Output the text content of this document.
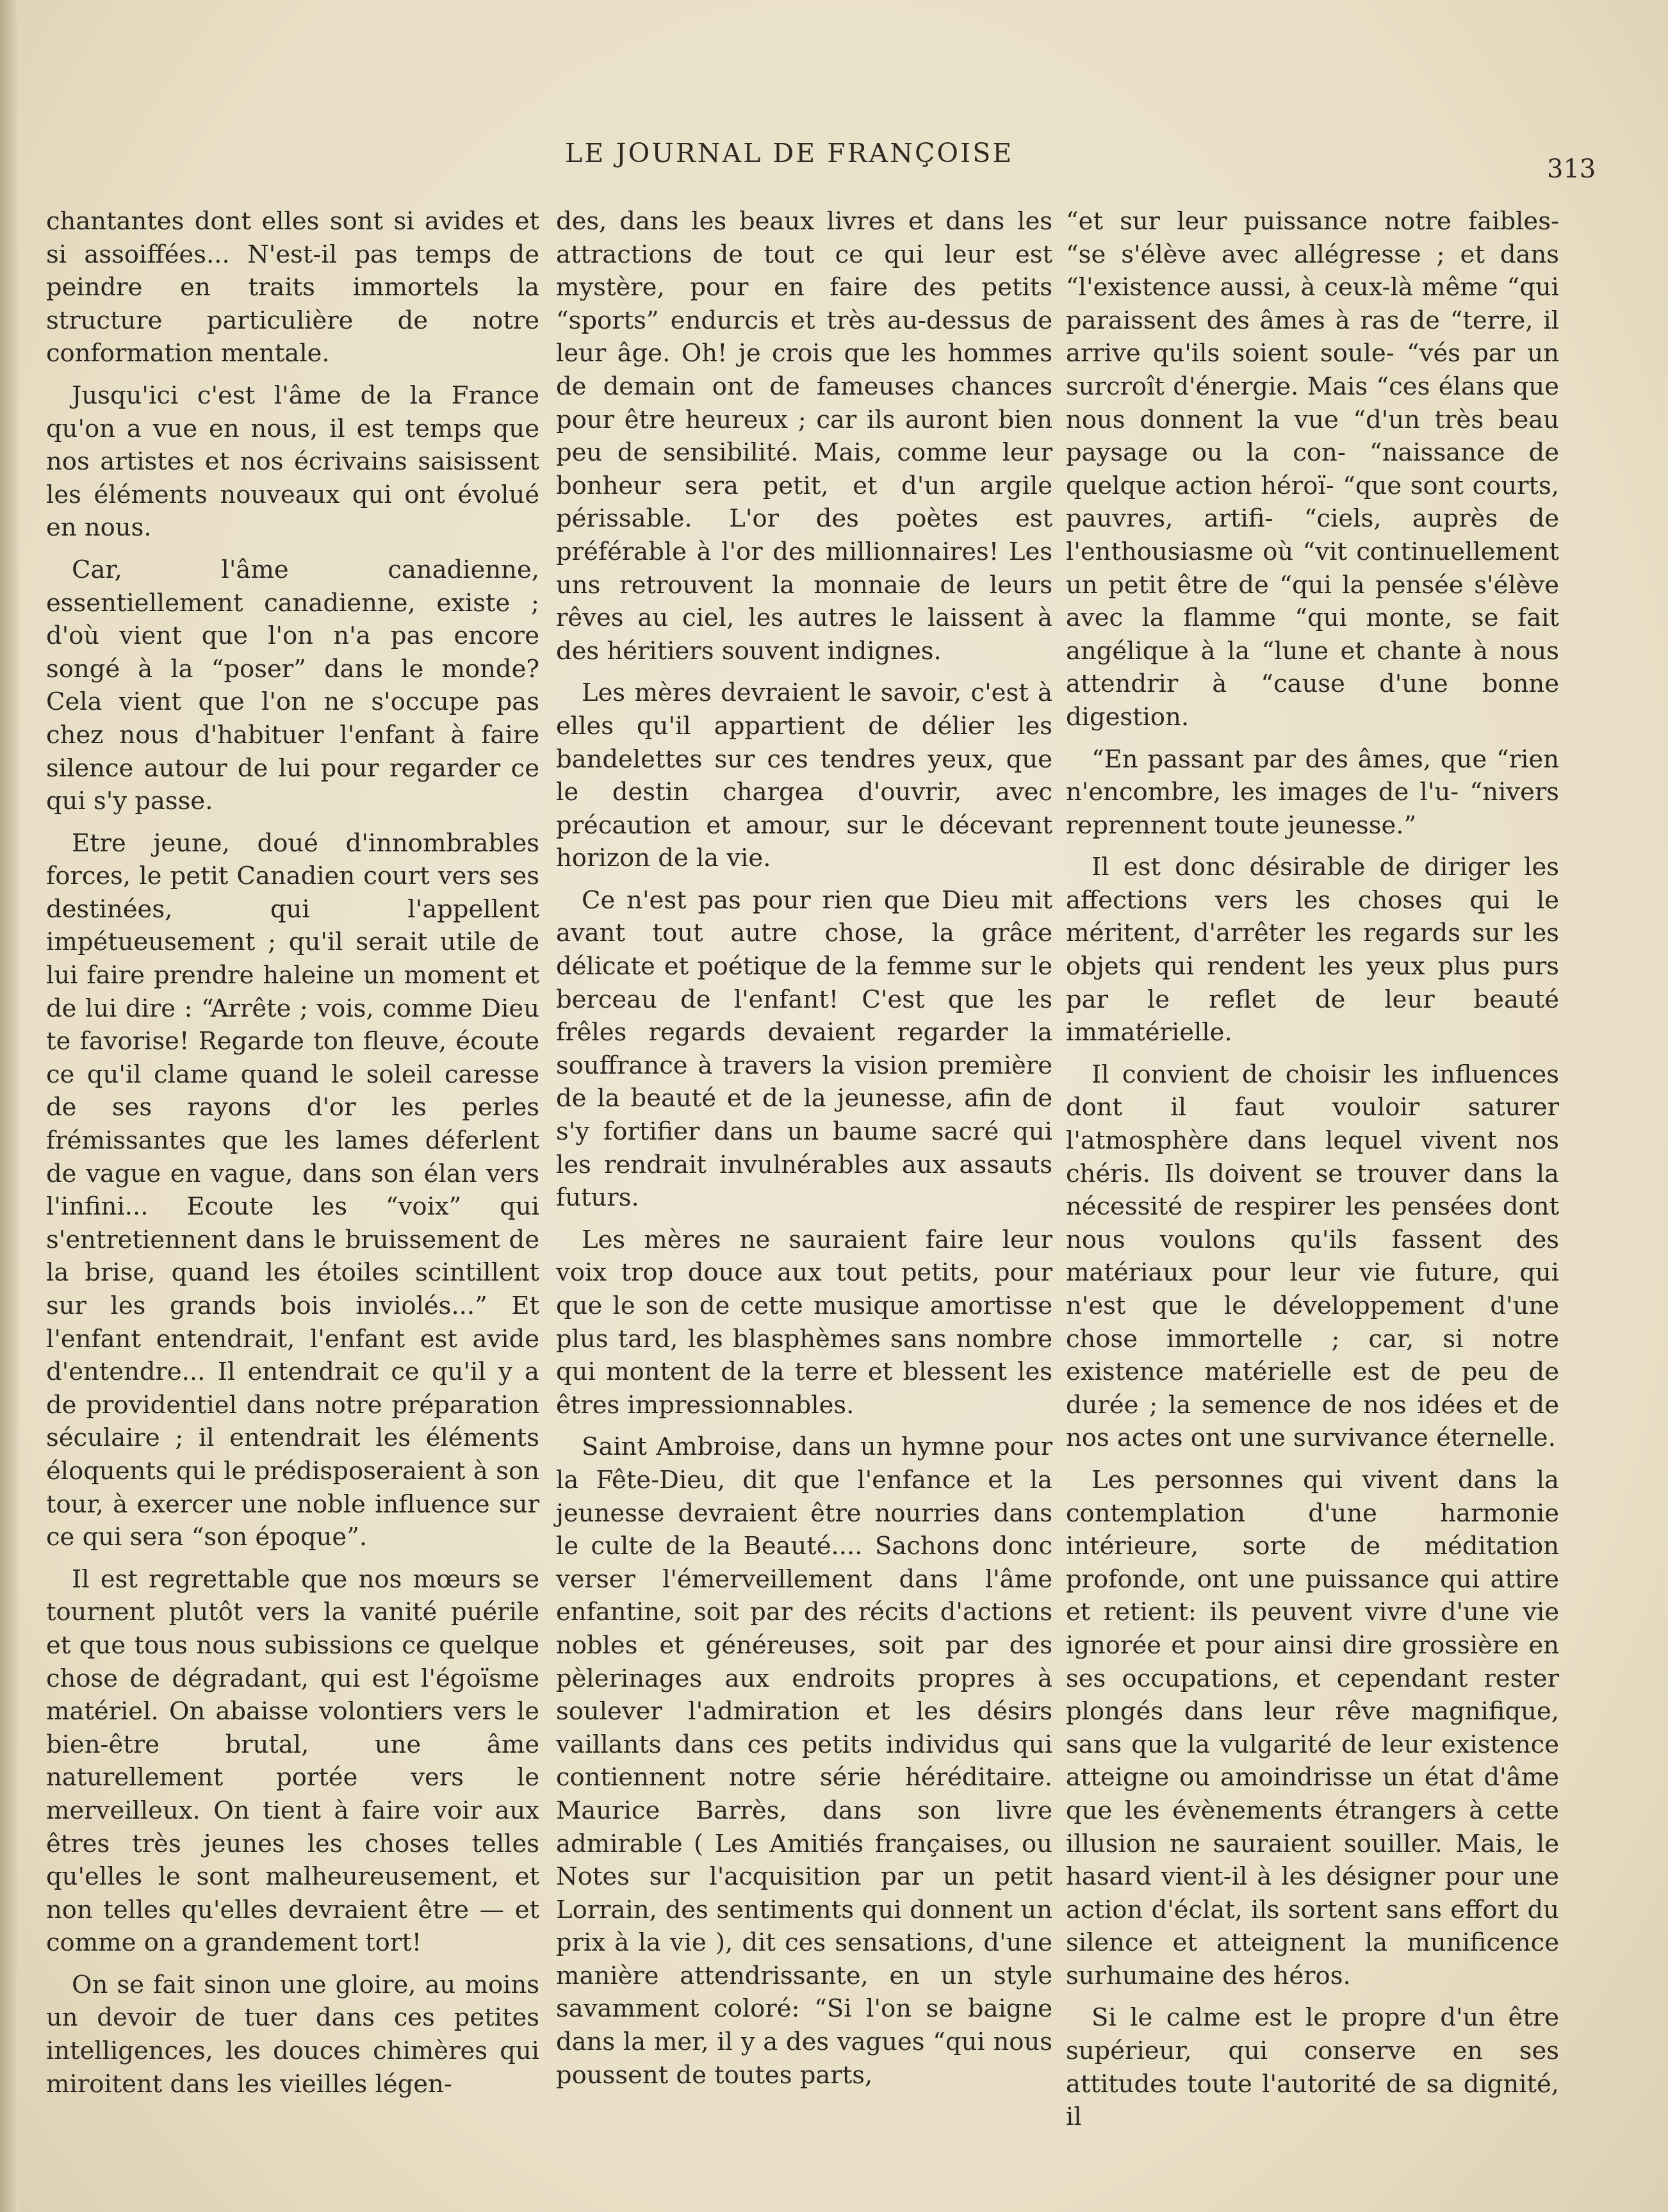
LE JOURNAL DE FRANÇOISE
313

chantantes dont elles sont si avides et si assoiffées... N'est-il pas temps de peindre en traits immortels la structure particulière de notre conformation mentale.

Jusqu'ici c'est l'âme de la France qu'on a vue en nous, il est temps que nos artistes et nos écrivains saisissent les éléments nouveaux qui ont évolué en nous.

Car, l'âme canadienne, essentiellement canadienne, existe ; d'où vient que l'on n'a pas encore songé à la “poser” dans le monde? Cela vient que l'on ne s'occupe pas chez nous d'habituer l'enfant à faire silence autour de lui pour regarder ce qui s'y passe.

Etre jeune, doué d'innombrables forces, le petit Canadien court vers ses destinées, qui l'appellent impétueusement ; qu'il serait utile de lui faire prendre haleine un moment et de lui dire : “Arrête ; vois, comme Dieu te favorise! Regarde ton fleuve, écoute ce qu'il clame quand le soleil caresse de ses rayons d'or les perles frémissantes que les lames déferlent de vague en vague, dans son élan vers l'infini... Ecoute les “voix” qui s'entretiennent dans le bruissement de la brise, quand les étoiles scintillent sur les grands bois inviolés...” Et l'enfant entendrait, l'enfant est avide d'entendre... Il entendrait ce qu'il y a de providentiel dans notre préparation séculaire ; il entendrait les éléments éloquents qui le prédisposeraient à son tour, à exercer une noble influence sur ce qui sera “son époque”.

Il est regrettable que nos mœurs se tournent plutôt vers la vanité puérile et que tous nous subissions ce quelque chose de dégradant, qui est l'égoïsme matériel. On abaisse volontiers vers le bien-être brutal, une âme naturellement portée vers le merveilleux. On tient à faire voir aux êtres très jeunes les choses telles qu'elles le sont malheureusement, et non telles qu'elles devraient être — et comme on a grandement tort!

On se fait sinon une gloire, au moins un devoir de tuer dans ces petites intelligences, les douces chimères qui miroitent dans les vieilles légen-

des, dans les beaux livres et dans les attractions de tout ce qui leur est mystère, pour en faire des petits “sports” endurcis et très au-dessus de leur âge. Oh! je crois que les hommes de demain ont de fameuses chances pour être heureux ; car ils auront bien peu de sensibilité. Mais, comme leur bonheur sera petit, et d'un argile périssable. L'or des poètes est préférable à l'or des millionnaires! Les uns retrouvent la monnaie de leurs rêves au ciel, les autres le laissent à des héritiers souvent indignes.

Les mères devraient le savoir, c'est à elles qu'il appartient de délier les bandelettes sur ces tendres yeux, que le destin chargea d'ouvrir, avec précaution et amour, sur le décevant horizon de la vie.

Ce n'est pas pour rien que Dieu mit avant tout autre chose, la grâce délicate et poétique de la femme sur le berceau de l'enfant! C'est que les frêles regards devaient regarder la souffrance à travers la vision première de la beauté et de la jeunesse, afin de s'y fortifier dans un baume sacré qui les rendrait invulnérables aux assauts futurs.

Les mères ne sauraient faire leur voix trop douce aux tout petits, pour que le son de cette musique amortisse plus tard, les blasphèmes sans nombre qui montent de la terre et blessent les êtres impressionnables.

Saint Ambroise, dans un hymne pour la Fête-Dieu, dit que l'enfance et la jeunesse devraient être nourries dans le culte de la Beauté.... Sachons donc verser l'émerveillement dans l'âme enfantine, soit par des récits d'actions nobles et généreuses, soit par des pèlerinages aux endroits propres à soulever l'admiration et les désirs vaillants dans ces petits individus qui contiennent notre série héréditaire. Maurice Barrès, dans son livre admirable ( Les Amitiés françaises, ou Notes sur l'acquisition par un petit Lorrain, des sentiments qui donnent un prix à la vie ), dit ces sensations, d'une manière attendrissante, en un style savamment coloré: “Si l'on se baigne dans la mer, il y a des vagues “qui nous poussent de toutes parts,

“et sur leur puissance notre faibles- “se s'élève avec allégresse ; et dans “l'existence aussi, à ceux-là même “qui paraissent des âmes à ras de “terre, il arrive qu'ils soient soule- “vés par un surcroît d'énergie. Mais “ces élans que nous donnent la vue “d'un très beau paysage ou la con- “naissance de quelque action héroï- “que sont courts, pauvres, artifi- “ciels, auprès de l'enthousiasme où “vit continuellement un petit être de “qui la pensée s'élève avec la flamme “qui monte, se fait angélique à la “lune et chante à nous attendrir à “cause d'une bonne digestion.

“En passant par des âmes, que “rien n'encombre, les images de l'u- “nivers reprennent toute jeunesse.”

Il est donc désirable de diriger les affections vers les choses qui le méritent, d'arrêter les regards sur les objets qui rendent les yeux plus purs par le reflet de leur beauté immatérielle.

Il convient de choisir les influences dont il faut vouloir saturer l'atmosphère dans lequel vivent nos chéris. Ils doivent se trouver dans la nécessité de respirer les pensées dont nous voulons qu'ils fassent des matériaux pour leur vie future, qui n'est que le développement d'une chose immortelle ; car, si notre existence matérielle est de peu de durée ; la semence de nos idées et de nos actes ont une survivance éternelle.

Les personnes qui vivent dans la contemplation d'une harmonie intérieure, sorte de méditation profonde, ont une puissance qui attire et retient: ils peuvent vivre d'une vie ignorée et pour ainsi dire grossière en ses occupations, et cependant rester plongés dans leur rêve magnifique, sans que la vulgarité de leur existence atteigne ou amoindrisse un état d'âme que les évènements étrangers à cette illusion ne sauraient souiller. Mais, le hasard vient-il à les désigner pour une action d'éclat, ils sortent sans effort du silence et atteignent la munificence surhumaine des héros.

Si le calme est le propre d'un être supérieur, qui conserve en ses attitudes toute l'autorité de sa dignité, il
